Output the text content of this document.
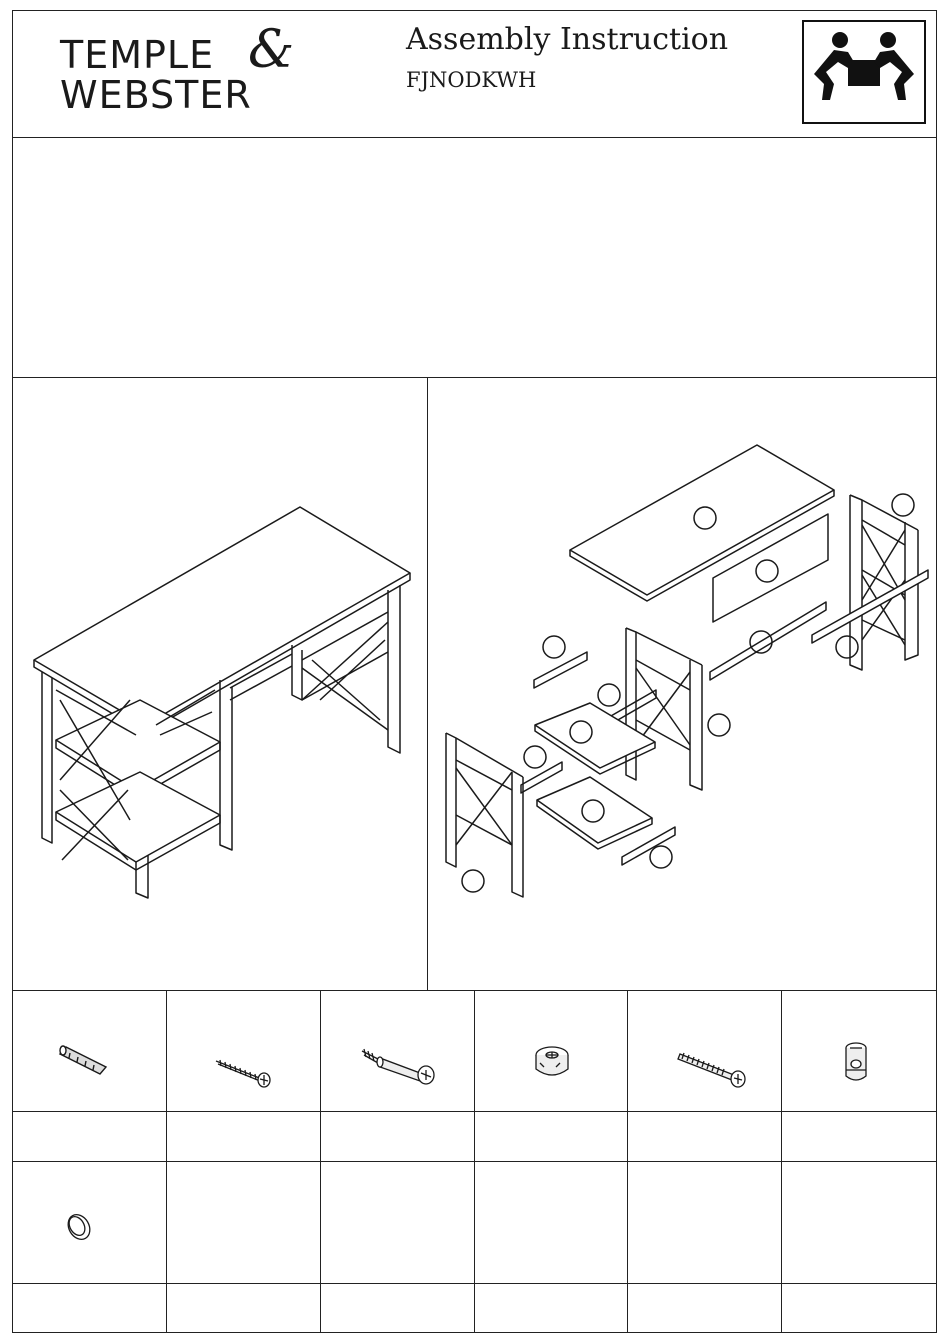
TEMPLE &
WEBSTER
Assembly Instruction
FJNODKWH
